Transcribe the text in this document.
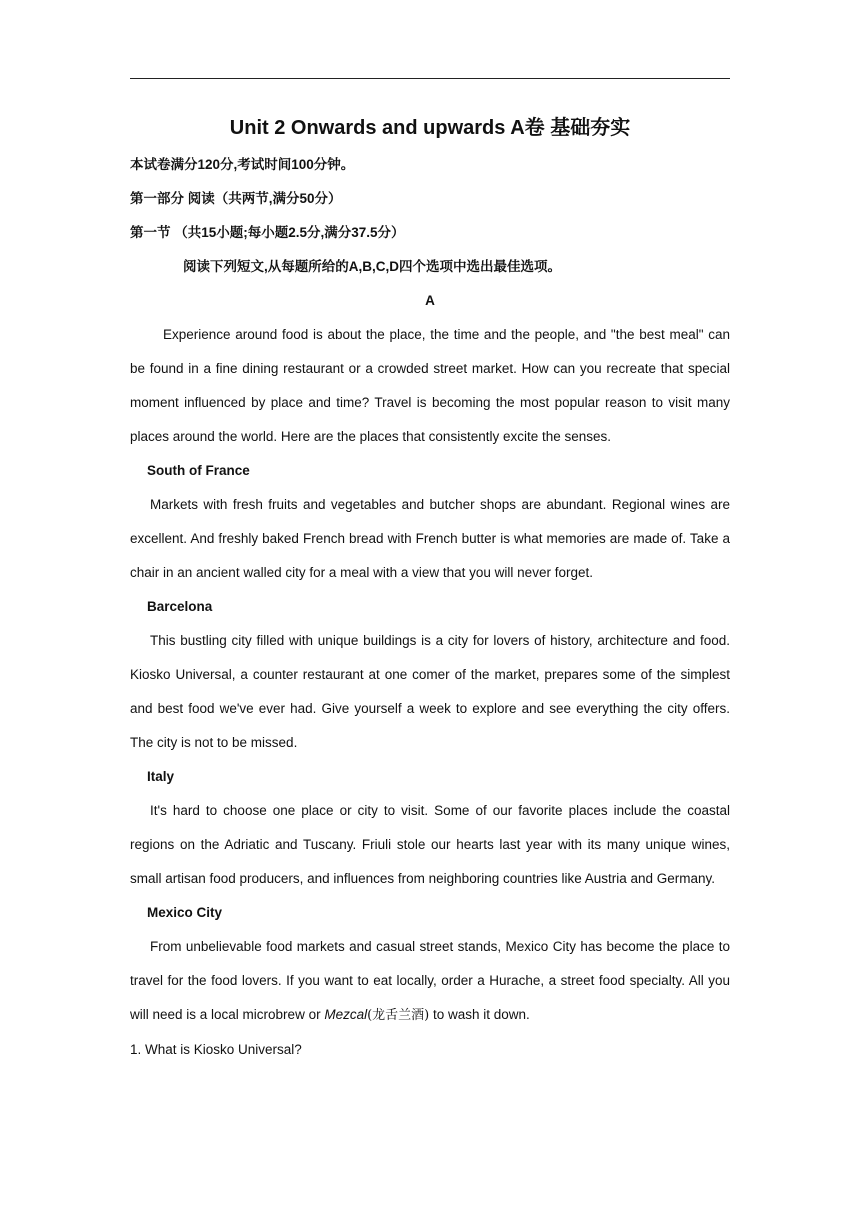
Unit 2 Onwards and upwards A卷 基础夯实

本试卷满分120分,考试时间100分钟。

第一部分 阅读（共两节,满分50分）

第一节 （共15小题;每小题2.5分,满分37.5分）

阅读下列短文,从每题所给的A,B,C,D四个选项中选出最佳选项。

A

Experience around food is about the place, the time and the people, and "the best meal" can be found in a fine dining restaurant or a crowded street market. How can you recreate that special moment influenced by place and time? Travel is becoming the most popular reason to visit many places around the world. Here are the places that consistently excite the senses.

South of France

Markets with fresh fruits and vegetables and butcher shops are abundant. Regional wines are excellent. And freshly baked French bread with French butter is what memories are made of. Take a chair in an ancient walled city for a meal with a view that you will never forget.

Barcelona

This bustling city filled with unique buildings is a city for lovers of history, architecture and food. Kiosko Universal, a counter restaurant at one comer of the market, prepares some of the simplest and best food we've ever had. Give yourself a week to explore and see everything the city offers. The city is not to be missed.

Italy

It's hard to choose one place or city to visit. Some of our favorite places include the coastal regions on the Adriatic and Tuscany. Friuli stole our hearts last year with its many unique wines, small artisan food producers, and influences from neighboring countries like Austria and Germany.

Mexico City

From unbelievable food markets and casual street stands, Mexico City has become the place to travel for the food lovers. If you want to eat locally, order a Hurache, a street food specialty. All you will need is a local microbrew or Mezcal(龙舌兰酒) to wash it down.

1. What is Kiosko Universal?
